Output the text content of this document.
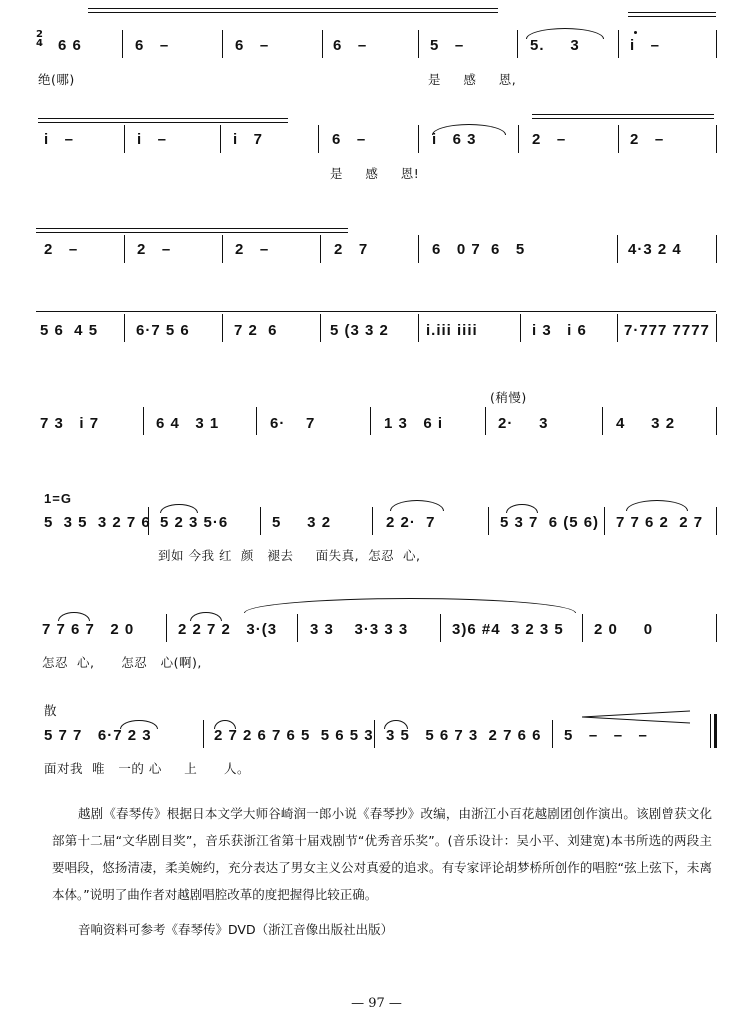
2
4 6 6	6   –	6   –	6   –	5   –	5.     3	i   –
绝(哪)	是     感     恩,
i   –	i   –	i   7	6   –	i   6 3	2   –	2   –
是     感     恩!
2   –	2   –	2   –	2   7	6   0 7  6   5	4·3 2 4
5 6  4 5	6·7 5 6	7 2  6	5 (3 3 2 i.iii iiii	i 3   i 6 7·777 7777
(稍慢)
7 3   i 7	6 4   3 1	6·    7	1 3   6 i	2·     3	4     3 2
1=G
5  3 5  3 2 7 6 5 2 3 5·6	5     3 2	2 2·  7	5 3 7  6 (5 6) 7 7 6 2  2 7
到如 今我 红  颜   褪去     面失真,  怎忍  心,
7 7 6 7   2 0	2 2 7 2   3·(3 3 3    3·3 3 3	3)6 #4  3 2 3 5 2 0     0
怎忍  心,      怎忍   心(啊),
散
5 7 7   6·7 2 3	2 7 2 6 7 6 5  5 6 5 3 3 5   5 6 7 3  2 7 6 6 5   –   –   –
面对我  唯   一的 心     上      人。

越剧《春琴传》根据日本文学大师谷崎润一郎小说《春琴抄》改编，由浙江小百花越剧团创作演出。该剧曾获文化部第十二届“文华剧目奖”，音乐获浙江省第十届戏剧节“优秀音乐奖”。(音乐设计：吴小平、刘建宽)本书所选的两段主要唱段，悠扬清凄，柔美婉约，充分表达了男女主义公对真爱的追求。有专家评论胡梦桥所创作的唱腔“弦上弦下，未离本体。”说明了曲作者对越剧唱腔改革的度把握得比较正确。

音响资料可参考《春琴传》DVD（浙江音像出版社出版）

— 97 —
